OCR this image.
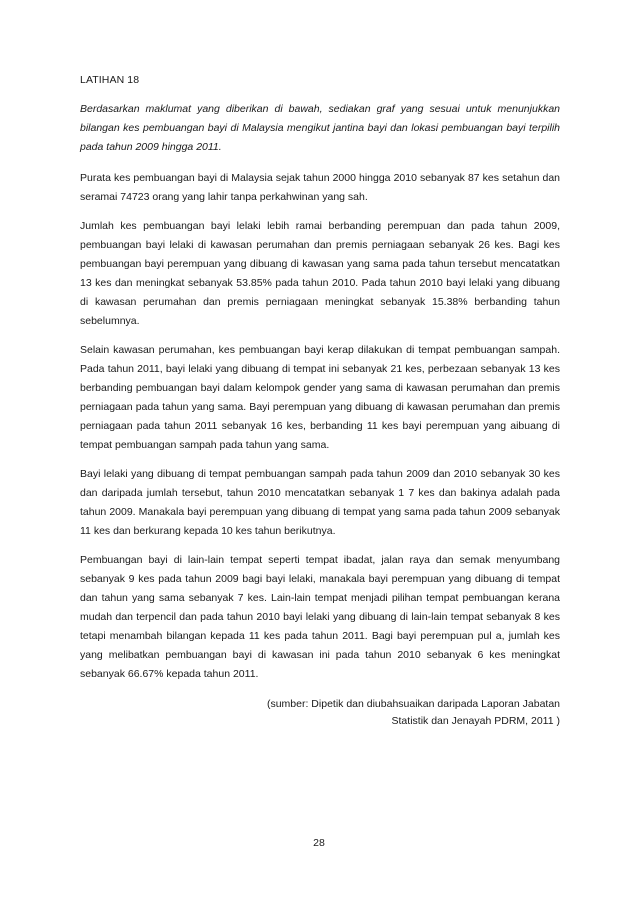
LATIHAN 18

Berdasarkan maklumat yang diberikan di bawah, sediakan graf yang sesuai untuk menunjukkan bilangan kes pembuangan bayi di Malaysia mengikut jantina bayi dan lokasi pembuangan bayi terpilih pada tahun 2009 hingga 2011.

Purata kes pembuangan bayi di Malaysia sejak tahun 2000 hingga 2010 sebanyak 87 kes setahun dan seramai 74723 orang yang lahir tanpa perkahwinan yang sah.

Jumlah kes pembuangan bayi lelaki lebih ramai berbanding perempuan dan pada tahun 2009, pembuangan bayi lelaki di kawasan perumahan dan premis perniagaan sebanyak 26 kes. Bagi kes pembuangan bayi perempuan yang dibuang di kawasan yang sama pada tahun tersebut mencatatkan 13 kes dan meningkat sebanyak 53.85% pada tahun 2010. Pada tahun 2010 bayi lelaki yang dibuang di kawasan perumahan dan premis perniagaan meningkat sebanyak 15.38% berbanding tahun sebelumnya.

Selain kawasan perumahan, kes pembuangan bayi kerap dilakukan di tempat pembuangan sampah. Pada tahun 2011, bayi lelaki yang dibuang di tempat ini sebanyak 21 kes, perbezaan sebanyak 13 kes berbanding pembuangan bayi dalam kelompok gender yang sama di kawasan perumahan dan premis perniagaan pada tahun yang sama. Bayi perempuan yang dibuang di kawasan perumahan dan premis perniagaan pada tahun 2011 sebanyak 16 kes, berbanding 11 kes bayi perempuan yang aibuang di tempat pembuangan sampah pada tahun yang sama.

Bayi lelaki yang dibuang di tempat pembuangan sampah pada tahun 2009 dan 2010 sebanyak 30 kes dan daripada jumlah tersebut, tahun 2010 mencatatkan sebanyak 1 7 kes dan bakinya adalah pada tahun 2009. Manakala bayi perempuan yang dibuang di tempat yang sama pada tahun 2009 sebanyak 11 kes dan berkurang kepada 10 kes tahun berikutnya.

Pembuangan bayi di lain-lain tempat seperti tempat ibadat, jalan raya dan semak menyumbang sebanyak 9 kes pada tahun 2009 bagi bayi lelaki, manakala bayi perempuan yang dibuang di tempat dan tahun yang sama sebanyak 7 kes. Lain-lain tempat menjadi pilihan tempat pembuangan kerana mudah dan terpencil dan pada tahun 2010 bayi lelaki yang dibuang di lain-lain tempat sebanyak 8 kes tetapi menambah bilangan kepada 11 kes pada tahun 2011. Bagi bayi perempuan pul a, jumlah kes yang melibatkan pembuangan bayi di kawasan ini pada tahun 2010 sebanyak 6 kes meningkat sebanyak 66.67% kepada tahun 2011.

(sumber: Dipetik dan diubahsuaikan daripada Laporan Jabatan
Statistik dan Jenayah PDRM, 2011 )
28
